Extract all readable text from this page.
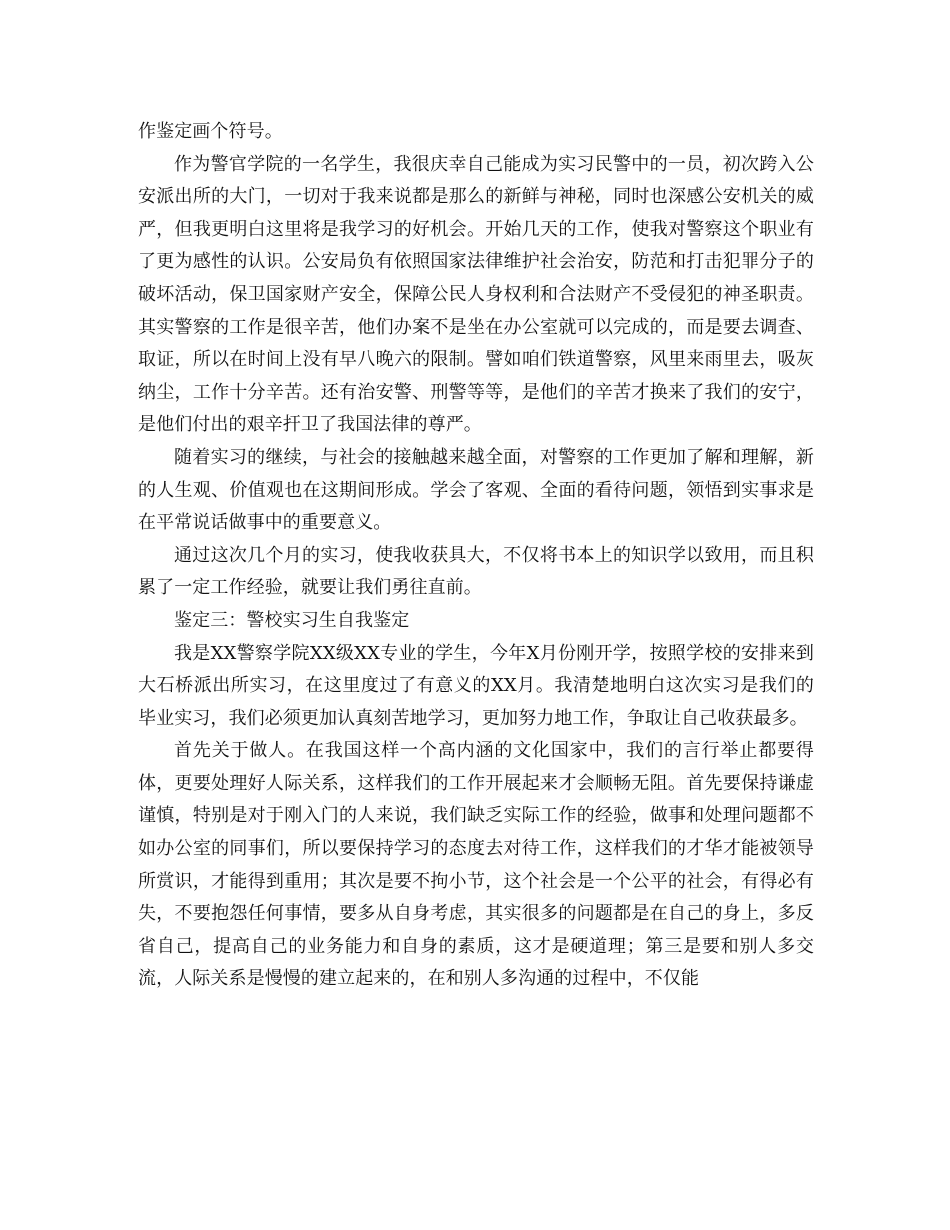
作鉴定画个符号。

作为警官学院的一名学生，我很庆幸自己能成为实习民警中的一员，初次跨入公安派出所的大门，一切对于我来说都是那么的新鲜与神秘，同时也深感公安机关的威严，但我更明白这里将是我学习的好机会。开始几天的工作，使我对警察这个职业有了更为感性的认识。公安局负有依照国家法律维护社会治安，防范和打击犯罪分子的破坏活动，保卫国家财产安全，保障公民人身权利和合法财产不受侵犯的神圣职责。其实警察的工作是很辛苦，他们办案不是坐在办公室就可以完成的，而是要去调查、取证，所以在时间上没有早八晚六的限制。譬如咱们铁道警察，风里来雨里去，吸灰纳尘，工作十分辛苦。还有治安警、刑警等等，是他们的辛苦才换来了我们的安宁，是他们付出的艰辛扞卫了我国法律的尊严。

随着实习的继续，与社会的接触越来越全面，对警察的工作更加了解和理解，新的人生观、价值观也在这期间形成。学会了客观、全面的看待问题，领悟到实事求是在平常说话做事中的重要意义。

通过这次几个月的实习，使我收获具大，不仅将书本上的知识学以致用，而且积累了一定工作经验，就要让我们勇往直前。

鉴定三：警校实习生自我鉴定

我是XX警察学院XX级XX专业的学生，今年X月份刚开学，按照学校的安排来到大石桥派出所实习，在这里度过了有意义的XX月。我清楚地明白这次实习是我们的毕业实习，我们必须更加认真刻苦地学习，更加努力地工作，争取让自己收获最多。

首先关于做人。在我国这样一个高内涵的文化国家中，我们的言行举止都要得体，更要处理好人际关系，这样我们的工作开展起来才会顺畅无阻。首先要保持谦虚谨慎，特别是对于刚入门的人来说，我们缺乏实际工作的经验，做事和处理问题都不如办公室的同事们，所以要保持学习的态度去对待工作，这样我们的才华才能被领导所赏识，才能得到重用；其次是要不拘小节，这个社会是一个公平的社会，有得必有失，不要抱怨任何事情，要多从自身考虑，其实很多的问题都是在自己的身上，多反省自己，提高自己的业务能力和自身的素质，这才是硬道理；第三是要和别人多交流，人际关系是慢慢的建立起来的，在和别人多沟通的过程中，不仅能
